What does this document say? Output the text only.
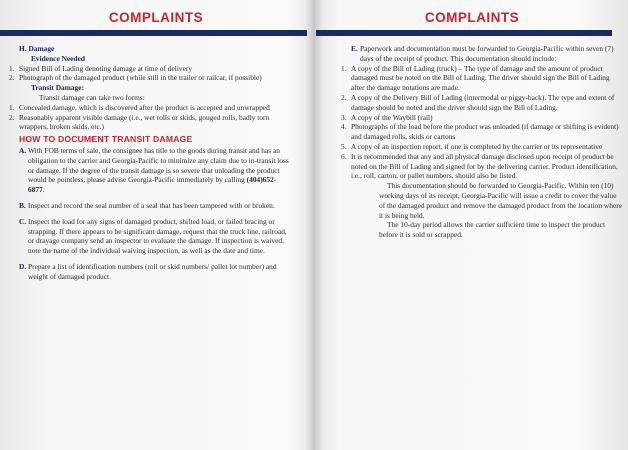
COMPLAINTS
H. Damage
Evidence Needed
1. Signed Bill of Lading denoting damage at time of delivery
2. Photograph of the damaged product (while still in the trailer or railcar, if possible)
Transit Damage:
Transit damage can take two forms:
1. Concealed damage, which is discovered after the product is accepted and unwrapped
2. Reasonably apparent visible damage (i.e., wet rolls or skids, gouged rolls, badly torn wrappers, broken skids, etc.)
HOW TO DOCUMENT TRANSIT DAMAGE
A. With FOB terms of sale, the consignee has title to the goods during transit and has an obligation to the carrier and Georgia-Pacific to minimize any claim due to in-transit loss or damage. If the degree of the transit damage is so severe that unloading the product would be pointless, please advise Georgia-Pacific immediately by calling (404)652-6877.
B. Inspect and record the seal number of a seal that has been tampered with or broken.
C. Inspect the load for any signs of damaged product, shifted load, or failed bracing or strapping. If there appears to be significant damage, request that the truck line, railroad, or drayage company send an inspector to evaluate the damage. If inspection is waived, note the name of the individual waiving inspection, as well as the date and time.
D. Prepare a list of identification numbers (roll or skid numbers/ pallet lot number) and weight of damaged product.
COMPLAINTS
E. Paperwork and documentation must be forwarded to Georgia-Pacific within seven (7) days of the receipt of product. This documentation should include:
1. A copy of the Bill of Lading (truck) – The type of damage and the amount of product damaged must be noted on the Bill of Lading. The driver should sign the Bill of Lading after the damage notations are made.
2. A copy of the Delivery Bill of Lading (intermodal or piggy-back). The type and extent of damage should be noted and the driver should sign the Bill of Lading.
3. A copy of the Waybill (rail)
4. Photographs of the load before the product was unloaded (if damage or shifting is evident) and damaged rolls, skids or cartons
5. A copy of an inspection report, if one is completed by the carrier or its representative
6. It is recommended that any and all physical damage disclosed upon receipt of product be noted on the Bill of Lading and signed for by the delivering carrier. Product identification, i.e., roll, carton, or pallet numbers, should also be listed.
This documentation should be forwarded to Georgia-Pacific. Within ten (10) working days of its receipt, Georgia-Pacific will issue a credit to cover the value of the damaged product and remove the damaged product from the location where it is being held.
The 10-day period allows the carrier sufficient time to inspect the product before it is sold or scrapped.
